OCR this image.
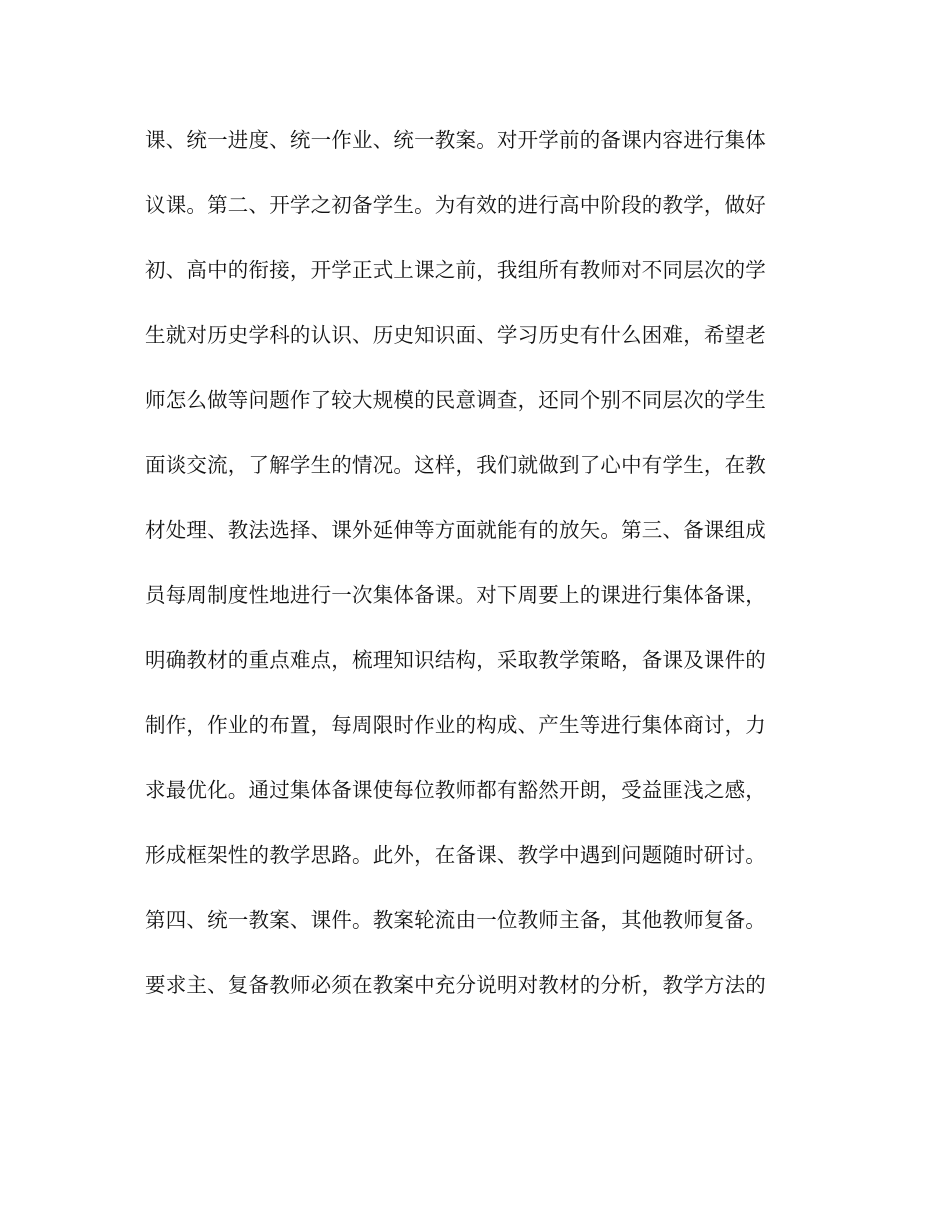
课、统一进度、统一作业、统一教案。对开学前的备课内容进行集体
议课。第二、开学之初备学生。为有效的进行高中阶段的教学，做好
初、高中的衔接，开学正式上课之前，我组所有教师对不同层次的学
生就对历史学科的认识、历史知识面、学习历史有什么困难，希望老
师怎么做等问题作了较大规模的民意调查，还同个别不同层次的学生
面谈交流，了解学生的情况。这样，我们就做到了心中有学生，在教
材处理、教法选择、课外延伸等方面就能有的放矢。第三、备课组成
员每周制度性地进行一次集体备课。对下周要上的课进行集体备课，
明确教材的重点难点，梳理知识结构，采取教学策略，备课及课件的
制作，作业的布置，每周限时作业的构成、产生等进行集体商讨，力
求最优化。通过集体备课使每位教师都有豁然开朗，受益匪浅之感，
形成框架性的教学思路。此外，在备课、教学中遇到问题随时研讨。
第四、统一教案、课件。教案轮流由一位教师主备，其他教师复备。
要求主、复备教师必须在教案中充分说明对教材的分析，教学方法的
